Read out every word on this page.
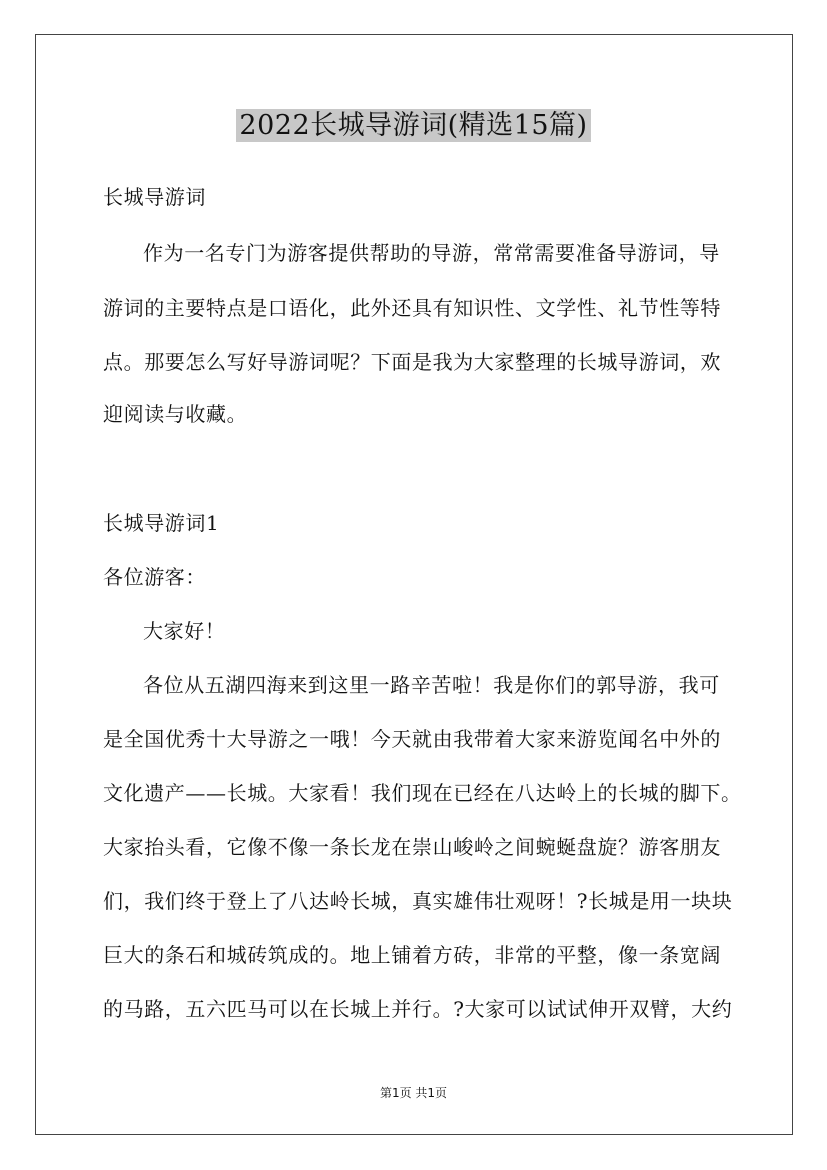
2022长城导游词(精选15篇)
长城导游词
作为一名专门为游客提供帮助的导游，常常需要准备导游词，导
游词的主要特点是口语化，此外还具有知识性、文学性、礼节性等特
点。那要怎么写好导游词呢？下面是我为大家整理的长城导游词，欢
迎阅读与收藏。
长城导游词1
各位游客：
大家好！
各位从五湖四海来到这里一路辛苦啦！我是你们的郭导游，我可
是全国优秀十大导游之一哦！今天就由我带着大家来游览闻名中外的
文化遗产——长城。大家看！我们现在已经在八达岭上的长城的脚下。
大家抬头看，它像不像一条长龙在崇山峻岭之间蜿蜒盘旋？游客朋友
们，我们终于登上了八达岭长城，真实雄伟壮观呀！?长城是用一块块
巨大的条石和城砖筑成的。地上铺着方砖，非常的平整，像一条宽阔
的马路，五六匹马可以在长城上并行。?大家可以试试伸开双臂，大约
第1页 共1页
